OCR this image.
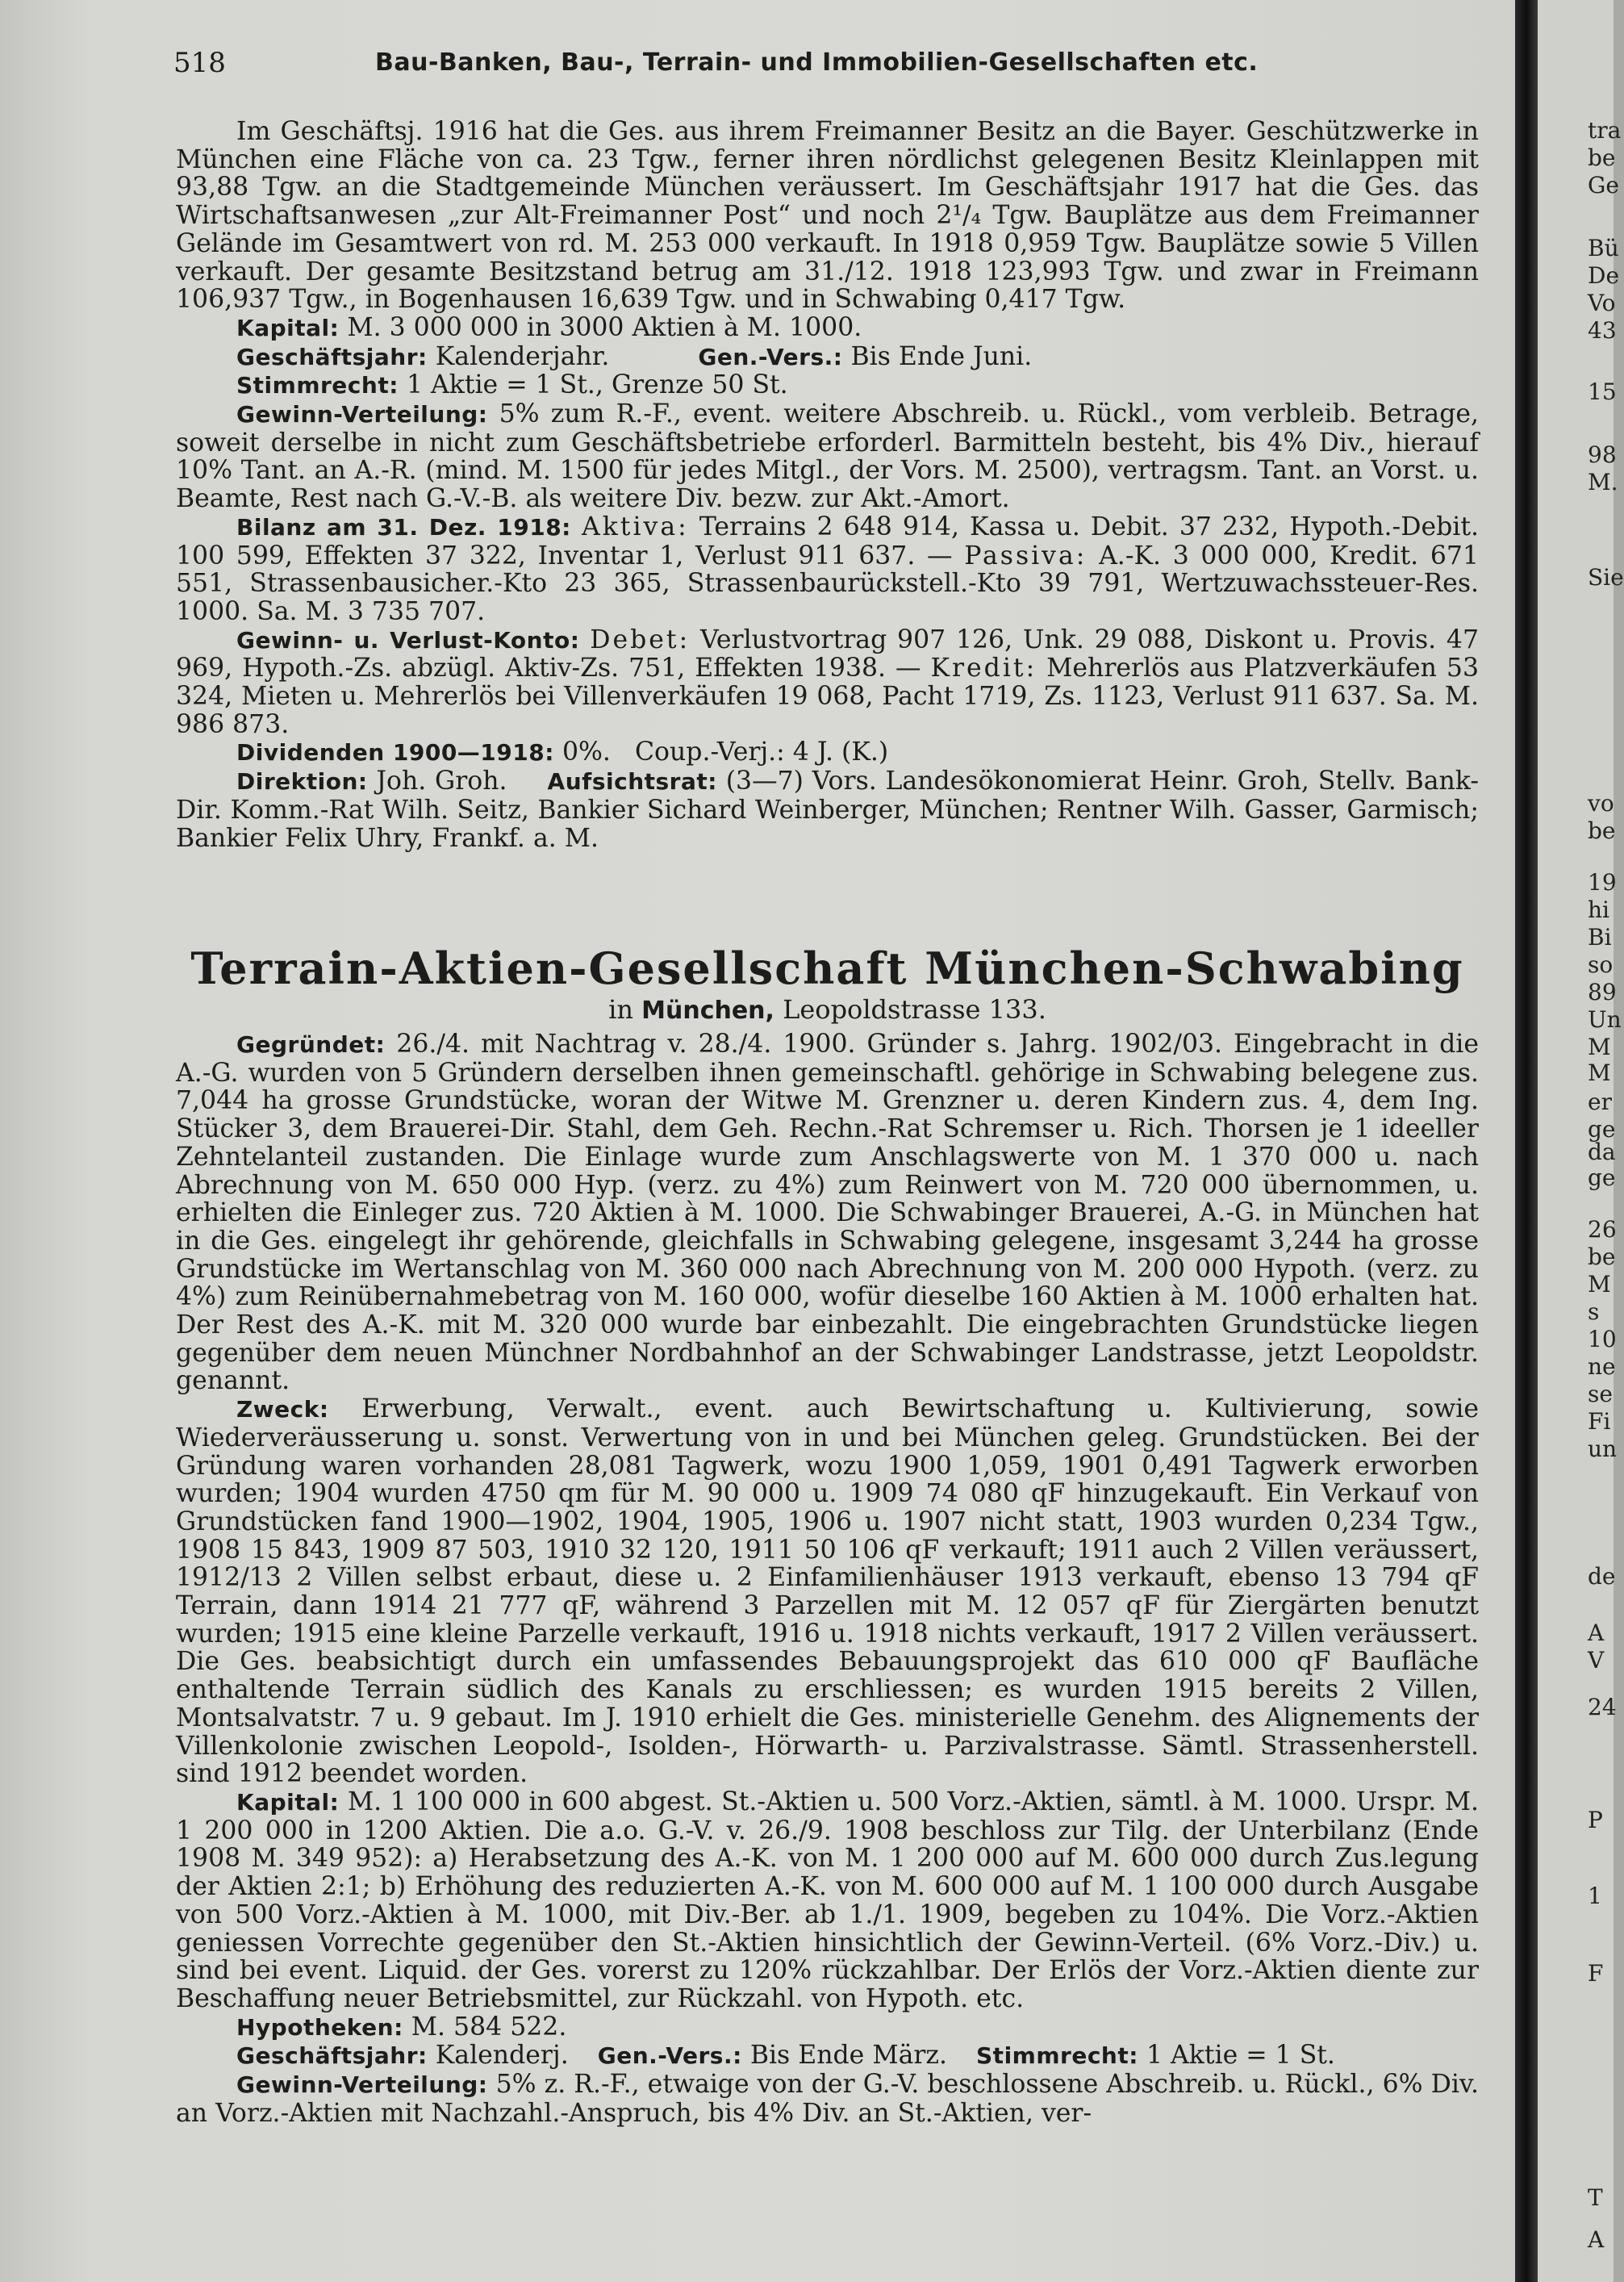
518	Bau-Banken, Bau-, Terrain- und Immobilien-Gesellschaften etc.

Im Geschäftsj. 1916 hat die Ges. aus ihrem Freimanner Besitz an die Bayer. Geschützwerke in München eine Fläche von ca. 23 Tgw., ferner ihren nördlichst gelegenen Besitz Kleinlappen mit 93,88 Tgw. an die Stadtgemeinde München veräussert. Im Geschäftsjahr 1917 hat die Ges. das Wirtschaftsanwesen „zur Alt-Freimanner Post“ und noch 2¹/₄ Tgw. Bauplätze aus dem Freimanner Gelände im Gesamtwert von rd. M. 253 000 verkauft. In 1918 0,959 Tgw. Bauplätze sowie 5 Villen verkauft. Der gesamte Besitzstand betrug am 31./12. 1918 123,993 Tgw. und zwar in Freimann 106,937 Tgw., in Bogenhausen 16,639 Tgw. und in Schwabing 0,417 Tgw.

Kapital: M. 3 000 000 in 3000 Aktien à M. 1000.

Geschäftsjahr: Kalenderjahr.	Gen.-Vers.: Bis Ende Juni.

Stimmrecht: 1 Aktie = 1 St., Grenze 50 St.

Gewinn-Verteilung: 5% zum R.-F., event. weitere Abschreib. u. Rückl., vom verbleib. Betrage, soweit derselbe in nicht zum Geschäftsbetriebe erforderl. Barmitteln besteht, bis 4% Div., hierauf 10% Tant. an A.-R. (mind. M. 1500 für jedes Mitgl., der Vors. M. 2500), vertragsm. Tant. an Vorst. u. Beamte, Rest nach G.-V.-B. als weitere Div. bezw. zur Akt.-Amort.

Bilanz am 31. Dez. 1918: Aktiva: Terrains 2 648 914, Kassa u. Debit. 37 232, Hypoth.-Debit. 100 599, Effekten 37 322, Inventar 1, Verlust 911 637. — Passiva: A.-K. 3 000 000, Kredit. 671 551, Strassenbausicher.-Kto 23 365, Strassenbaurückstell.-Kto 39 791, Wertzuwachssteuer-Res. 1000. Sa. M. 3 735 707.

Gewinn- u. Verlust-Konto: Debet: Verlustvortrag 907 126, Unk. 29 088, Diskont u. Provis. 47 969, Hypoth.-Zs. abzügl. Aktiv-Zs. 751, Effekten 1938. — Kredit: Mehrerlös aus Platzverkäufen 53 324, Mieten u. Mehrerlös bei Villenverkäufen 19 068, Pacht 1719, Zs. 1123, Verlust 911 637. Sa. M. 986 873.

Dividenden 1900—1918: 0%. Coup.-Verj.: 4 J. (K.)

Direktion: Joh. Groh. Aufsichtsrat: (3—7) Vors. Landesökonomierat Heinr. Groh, Stellv. Bank-Dir. Komm.-Rat Wilh. Seitz, Bankier Sichard Weinberger, München; Rentner Wilh. Gasser, Garmisch; Bankier Felix Uhry, Frankf. a. M.

Terrain-Aktien-Gesellschaft München-Schwabing
in München, Leopoldstrasse 133.

Gegründet: 26./4. mit Nachtrag v. 28./4. 1900. Gründer s. Jahrg. 1902/03. Eingebracht in die A.-G. wurden von 5 Gründern derselben ihnen gemeinschaftl. gehörige in Schwabing belegene zus. 7,044 ha grosse Grundstücke, woran der Witwe M. Grenzner u. deren Kindern zus. 4, dem Ing. Stücker 3, dem Brauerei-Dir. Stahl, dem Geh. Rechn.-Rat Schremser u. Rich. Thorsen je 1 ideeller Zehntelanteil zustanden. Die Einlage wurde zum Anschlagswerte von M. 1 370 000 u. nach Abrechnung von M. 650 000 Hyp. (verz. zu 4%) zum Reinwert von M. 720 000 übernommen, u. erhielten die Einleger zus. 720 Aktien à M. 1000. Die Schwabinger Brauerei, A.-G. in München hat in die Ges. eingelegt ihr gehörende, gleichfalls in Schwabing gelegene, insgesamt 3,244 ha grosse Grundstücke im Wertanschlag von M. 360 000 nach Abrechnung von M. 200 000 Hypoth. (verz. zu 4%) zum Reinübernahmebetrag von M. 160 000, wofür dieselbe 160 Aktien à M. 1000 erhalten hat. Der Rest des A.-K. mit M. 320 000 wurde bar einbezahlt. Die eingebrachten Grundstücke liegen gegenüber dem neuen Münchner Nordbahnhof an der Schwabinger Landstrasse, jetzt Leopoldstr. genannt.

Zweck: Erwerbung, Verwalt., event. auch Bewirtschaftung u. Kultivierung, sowie Wiederveräusserung u. sonst. Verwertung von in und bei München geleg. Grundstücken. Bei der Gründung waren vorhanden 28,081 Tagwerk, wozu 1900 1,059, 1901 0,491 Tagwerk erworben wurden; 1904 wurden 4750 qm für M. 90 000 u. 1909 74 080 qF hinzugekauft. Ein Verkauf von Grundstücken fand 1900—1902, 1904, 1905, 1906 u. 1907 nicht statt, 1903 wurden 0,234 Tgw., 1908 15 843, 1909 87 503, 1910 32 120, 1911 50 106 qF verkauft; 1911 auch 2 Villen veräussert, 1912/13 2 Villen selbst erbaut, diese u. 2 Einfamilienhäuser 1913 verkauft, ebenso 13 794 qF Terrain, dann 1914 21 777 qF, während 3 Parzellen mit M. 12 057 qF für Ziergärten benutzt wurden; 1915 eine kleine Parzelle verkauft, 1916 u. 1918 nichts verkauft, 1917 2 Villen veräussert. Die Ges. beabsichtigt durch ein umfassendes Bebauungsprojekt das 610 000 qF Baufläche enthaltende Terrain südlich des Kanals zu erschliessen; es wurden 1915 bereits 2 Villen, Montsalvatstr. 7 u. 9 gebaut. Im J. 1910 erhielt die Ges. ministerielle Genehm. des Alignements der Villenkolonie zwischen Leopold-, Isolden-, Hörwarth- u. Parzivalstrasse. Sämtl. Strassenherstell. sind 1912 beendet worden.

Kapital: M. 1 100 000 in 600 abgest. St.-Aktien u. 500 Vorz.-Aktien, sämtl. à M. 1000. Urspr. M. 1 200 000 in 1200 Aktien. Die a.o. G.-V. v. 26./9. 1908 beschloss zur Tilg. der Unterbilanz (Ende 1908 M. 349 952): a) Herabsetzung des A.-K. von M. 1 200 000 auf M. 600 000 durch Zus.legung der Aktien 2:1; b) Erhöhung des reduzierten A.-K. von M. 600 000 auf M. 1 100 000 durch Ausgabe von 500 Vorz.-Aktien à M. 1000, mit Div.-Ber. ab 1./1. 1909, begeben zu 104%. Die Vorz.-Aktien geniessen Vorrechte gegenüber den St.-Aktien hinsichtlich der Gewinn-Verteil. (6% Vorz.-Div.) u. sind bei event. Liquid. der Ges. vorerst zu 120% rückzahlbar. Der Erlös der Vorz.-Aktien diente zur Beschaffung neuer Betriebsmittel, zur Rückzahl. von Hypoth. etc.

Hypotheken: M. 584 522.

Geschäftsjahr: Kalenderj. Gen.-Vers.: Bis Ende März. Stimmrecht: 1 Aktie = 1 St.

Gewinn-Verteilung: 5% z. R.-F., etwaige von der G.-V. beschlossene Abschreib. u. Rückl., 6% Div. an Vorz.-Aktien mit Nachzahl.-Anspruch, bis 4% Div. an St.-Aktien, ver-

tra
be
Ge
Bü
De
Vo
43
15
98
M.
Sie
vo
be
19
hi
Bi
so
89
Un
M
M
er
ge
da
ge
26
be
M
s
10
ne
se
Fi
un
de
A
V
24
P
1
F
T
A
